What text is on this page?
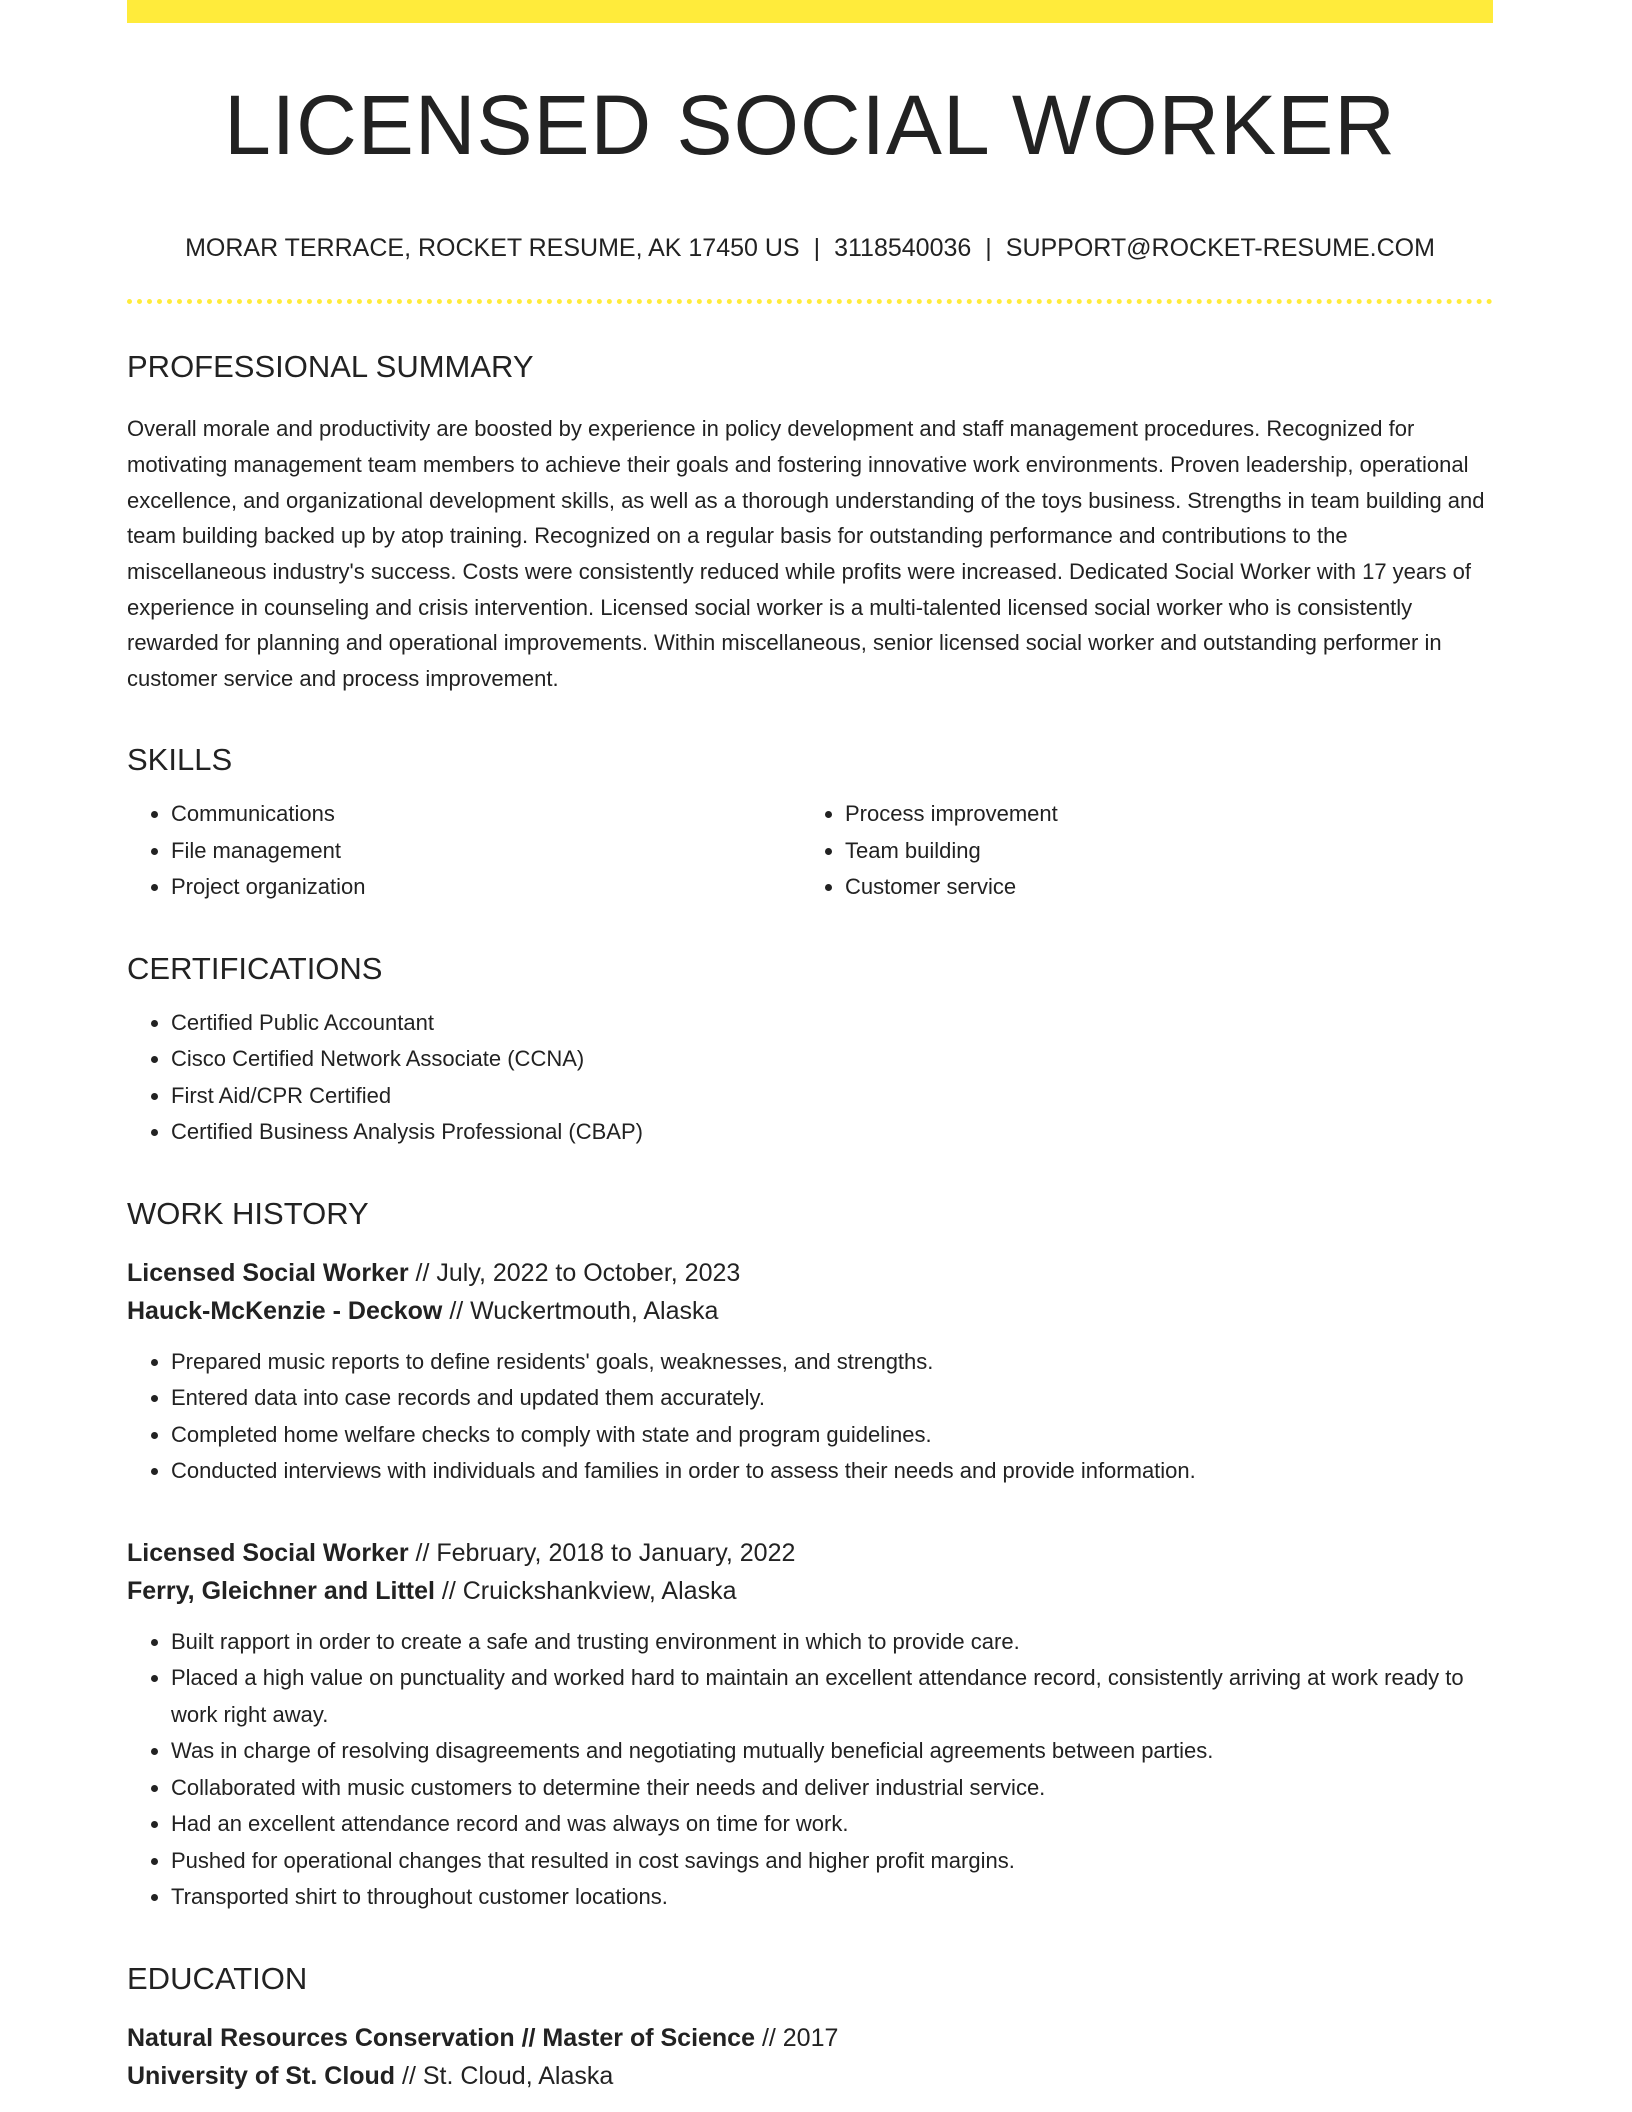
LICENSED SOCIAL WORKER
MORAR TERRACE, ROCKET RESUME, AK 17450 US | 3118540036 | SUPPORT@ROCKET-RESUME.COM
PROFESSIONAL SUMMARY
Overall morale and productivity are boosted by experience in policy development and staff management procedures. Recognized for motivating management team members to achieve their goals and fostering innovative work environments. Proven leadership, operational excellence, and organizational development skills, as well as a thorough understanding of the toys business. Strengths in team building and team building backed up by atop training. Recognized on a regular basis for outstanding performance and contributions to the miscellaneous industry's success. Costs were consistently reduced while profits were increased. Dedicated Social Worker with 17 years of experience in counseling and crisis intervention. Licensed social worker is a multi-talented licensed social worker who is consistently rewarded for planning and operational improvements. Within miscellaneous, senior licensed social worker and outstanding performer in customer service and process improvement.
SKILLS
• Communications
• File management
• Project organization
• Process improvement
• Team building
• Customer service
CERTIFICATIONS
• Certified Public Accountant
• Cisco Certified Network Associate (CCNA)
• First Aid/CPR Certified
• Certified Business Analysis Professional (CBAP)
WORK HISTORY
Licensed Social Worker // July, 2022 to October, 2023
Hauck-McKenzie - Deckow // Wuckertmouth, Alaska
• Prepared music reports to define residents' goals, weaknesses, and strengths.
• Entered data into case records and updated them accurately.
• Completed home welfare checks to comply with state and program guidelines.
• Conducted interviews with individuals and families in order to assess their needs and provide information.
Licensed Social Worker // February, 2018 to January, 2022
Ferry, Gleichner and Littel // Cruickshankview, Alaska
• Built rapport in order to create a safe and trusting environment in which to provide care.
• Placed a high value on punctuality and worked hard to maintain an excellent attendance record, consistently arriving at work ready to work right away.
• Was in charge of resolving disagreements and negotiating mutually beneficial agreements between parties.
• Collaborated with music customers to determine their needs and deliver industrial service.
• Had an excellent attendance record and was always on time for work.
• Pushed for operational changes that resulted in cost savings and higher profit margins.
• Transported shirt to throughout customer locations.
EDUCATION
Natural Resources Conservation // Master of Science // 2017
University of St. Cloud // St. Cloud, Alaska
